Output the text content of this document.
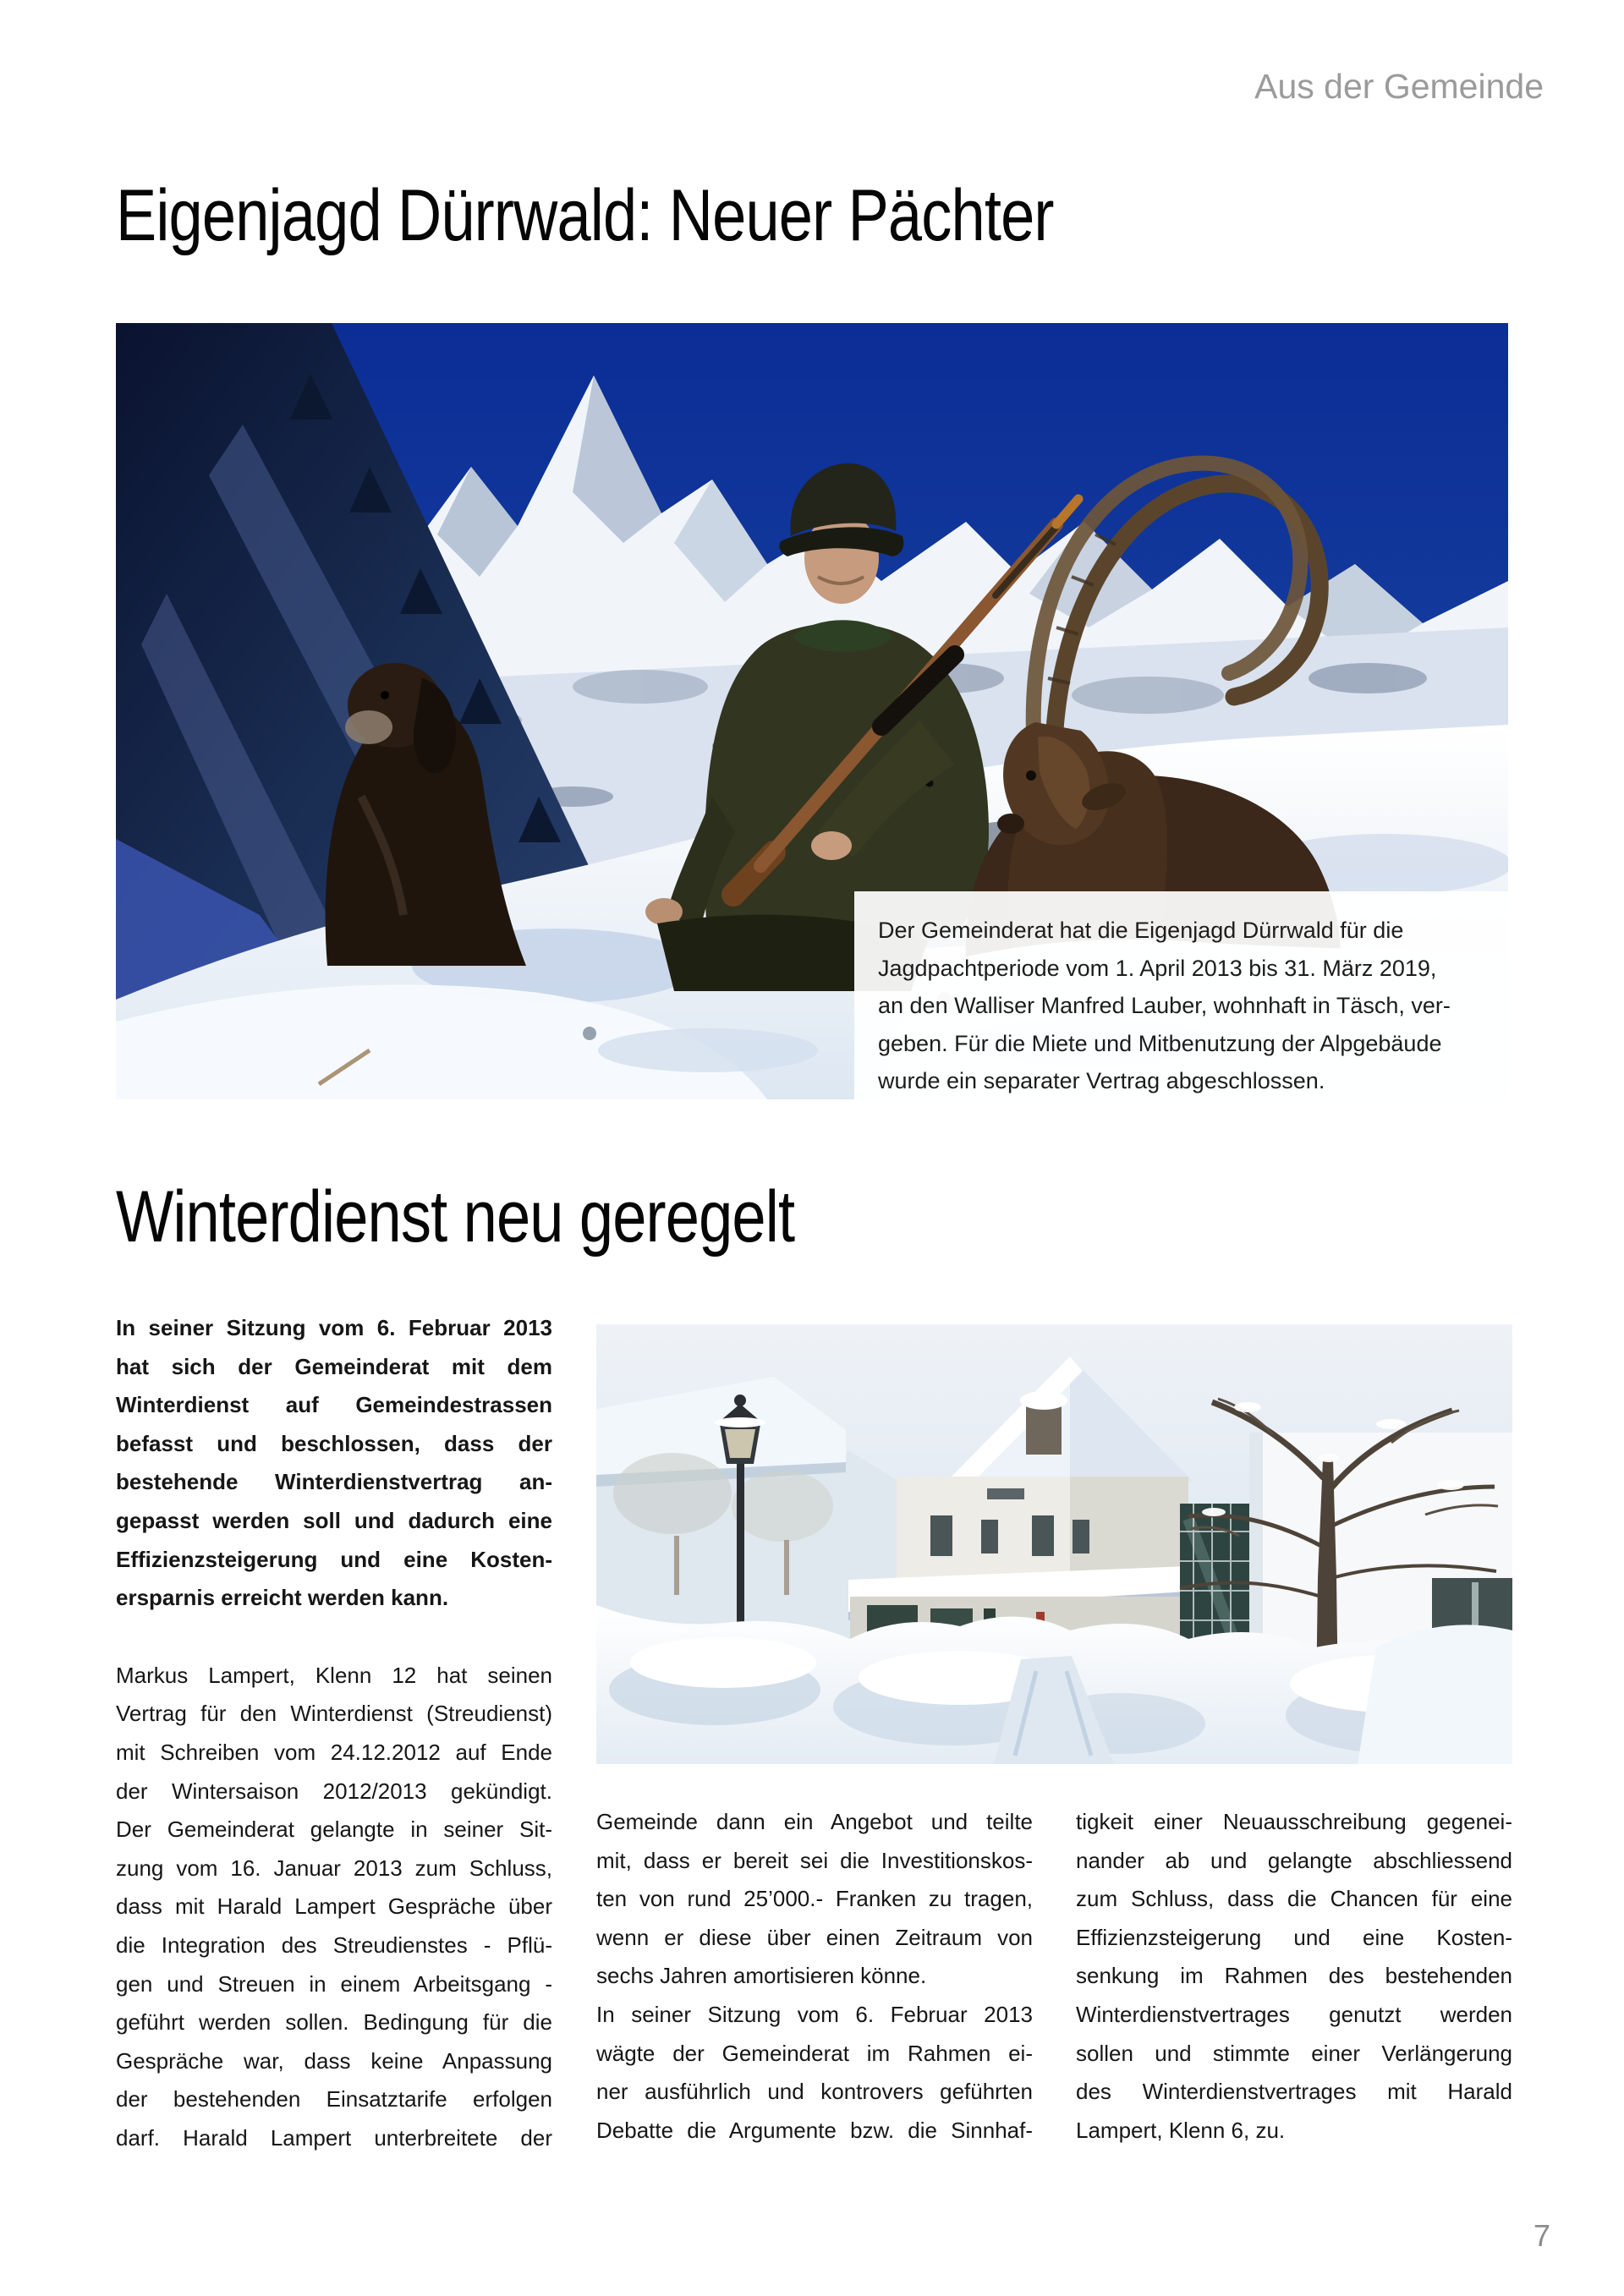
Aus der Gemeinde
Eigenjagd Dürrwald: Neuer Pächter
Der Gemeinderat hat die Eigenjagd Dürrwald für die
Jagdpachtperiode vom 1. April 2013 bis 31. März 2019,
an den Walliser Manfred Lauber, wohnhaft in Täsch, ver-
geben. Für die Miete und Mitbenutzung der Alpgebäude
wurde ein separater Vertrag abgeschlossen.
Winterdienst neu geregelt
In seiner Sitzung vom 6. Februar 2013
hat sich der Gemeinderat mit dem
Winterdienst auf Gemeindestrassen
befasst und beschlossen, dass der
bestehende Winterdienstvertrag an-
gepasst werden soll und dadurch eine
Effizienzsteigerung und eine Kosten-
ersparnis erreicht werden kann.
Markus Lampert, Klenn 12 hat seinen
Vertrag für den Winterdienst (Streudienst)
mit Schreiben vom 24.12.2012 auf Ende
der Wintersaison 2012/2013 gekündigt.
Der Gemeinderat gelangte in seiner Sit-
zung vom 16. Januar 2013 zum Schluss,
dass mit Harald Lampert Gespräche über
die Integration des Streudienstes - Pflü-
gen und Streuen in einem Arbeitsgang -
geführt werden sollen. Bedingung für die
Gespräche war, dass keine Anpassung
der bestehenden Einsatztarife erfolgen
darf. Harald Lampert unterbreitete der
Gemeinde dann ein Angebot und teilte
mit, dass er bereit sei die Investitionskos-
ten von rund 25’000.- Franken zu tragen,
wenn er diese über einen Zeitraum von
sechs Jahren amortisieren könne.
In seiner Sitzung vom 6. Februar 2013
wägte der Gemeinderat im Rahmen ei-
ner ausführlich und kontrovers geführten
Debatte die Argumente bzw. die Sinnhaf-
tigkeit einer Neuausschreibung gegenei-
nander ab und gelangte abschliessend
zum Schluss, dass die Chancen für eine
Effizienzsteigerung und eine Kosten-
senkung im Rahmen des bestehenden
Winterdienstvertrages genutzt werden
sollen und stimmte einer Verlängerung
des Winterdienstvertrages mit Harald
Lampert, Klenn 6, zu.
7
